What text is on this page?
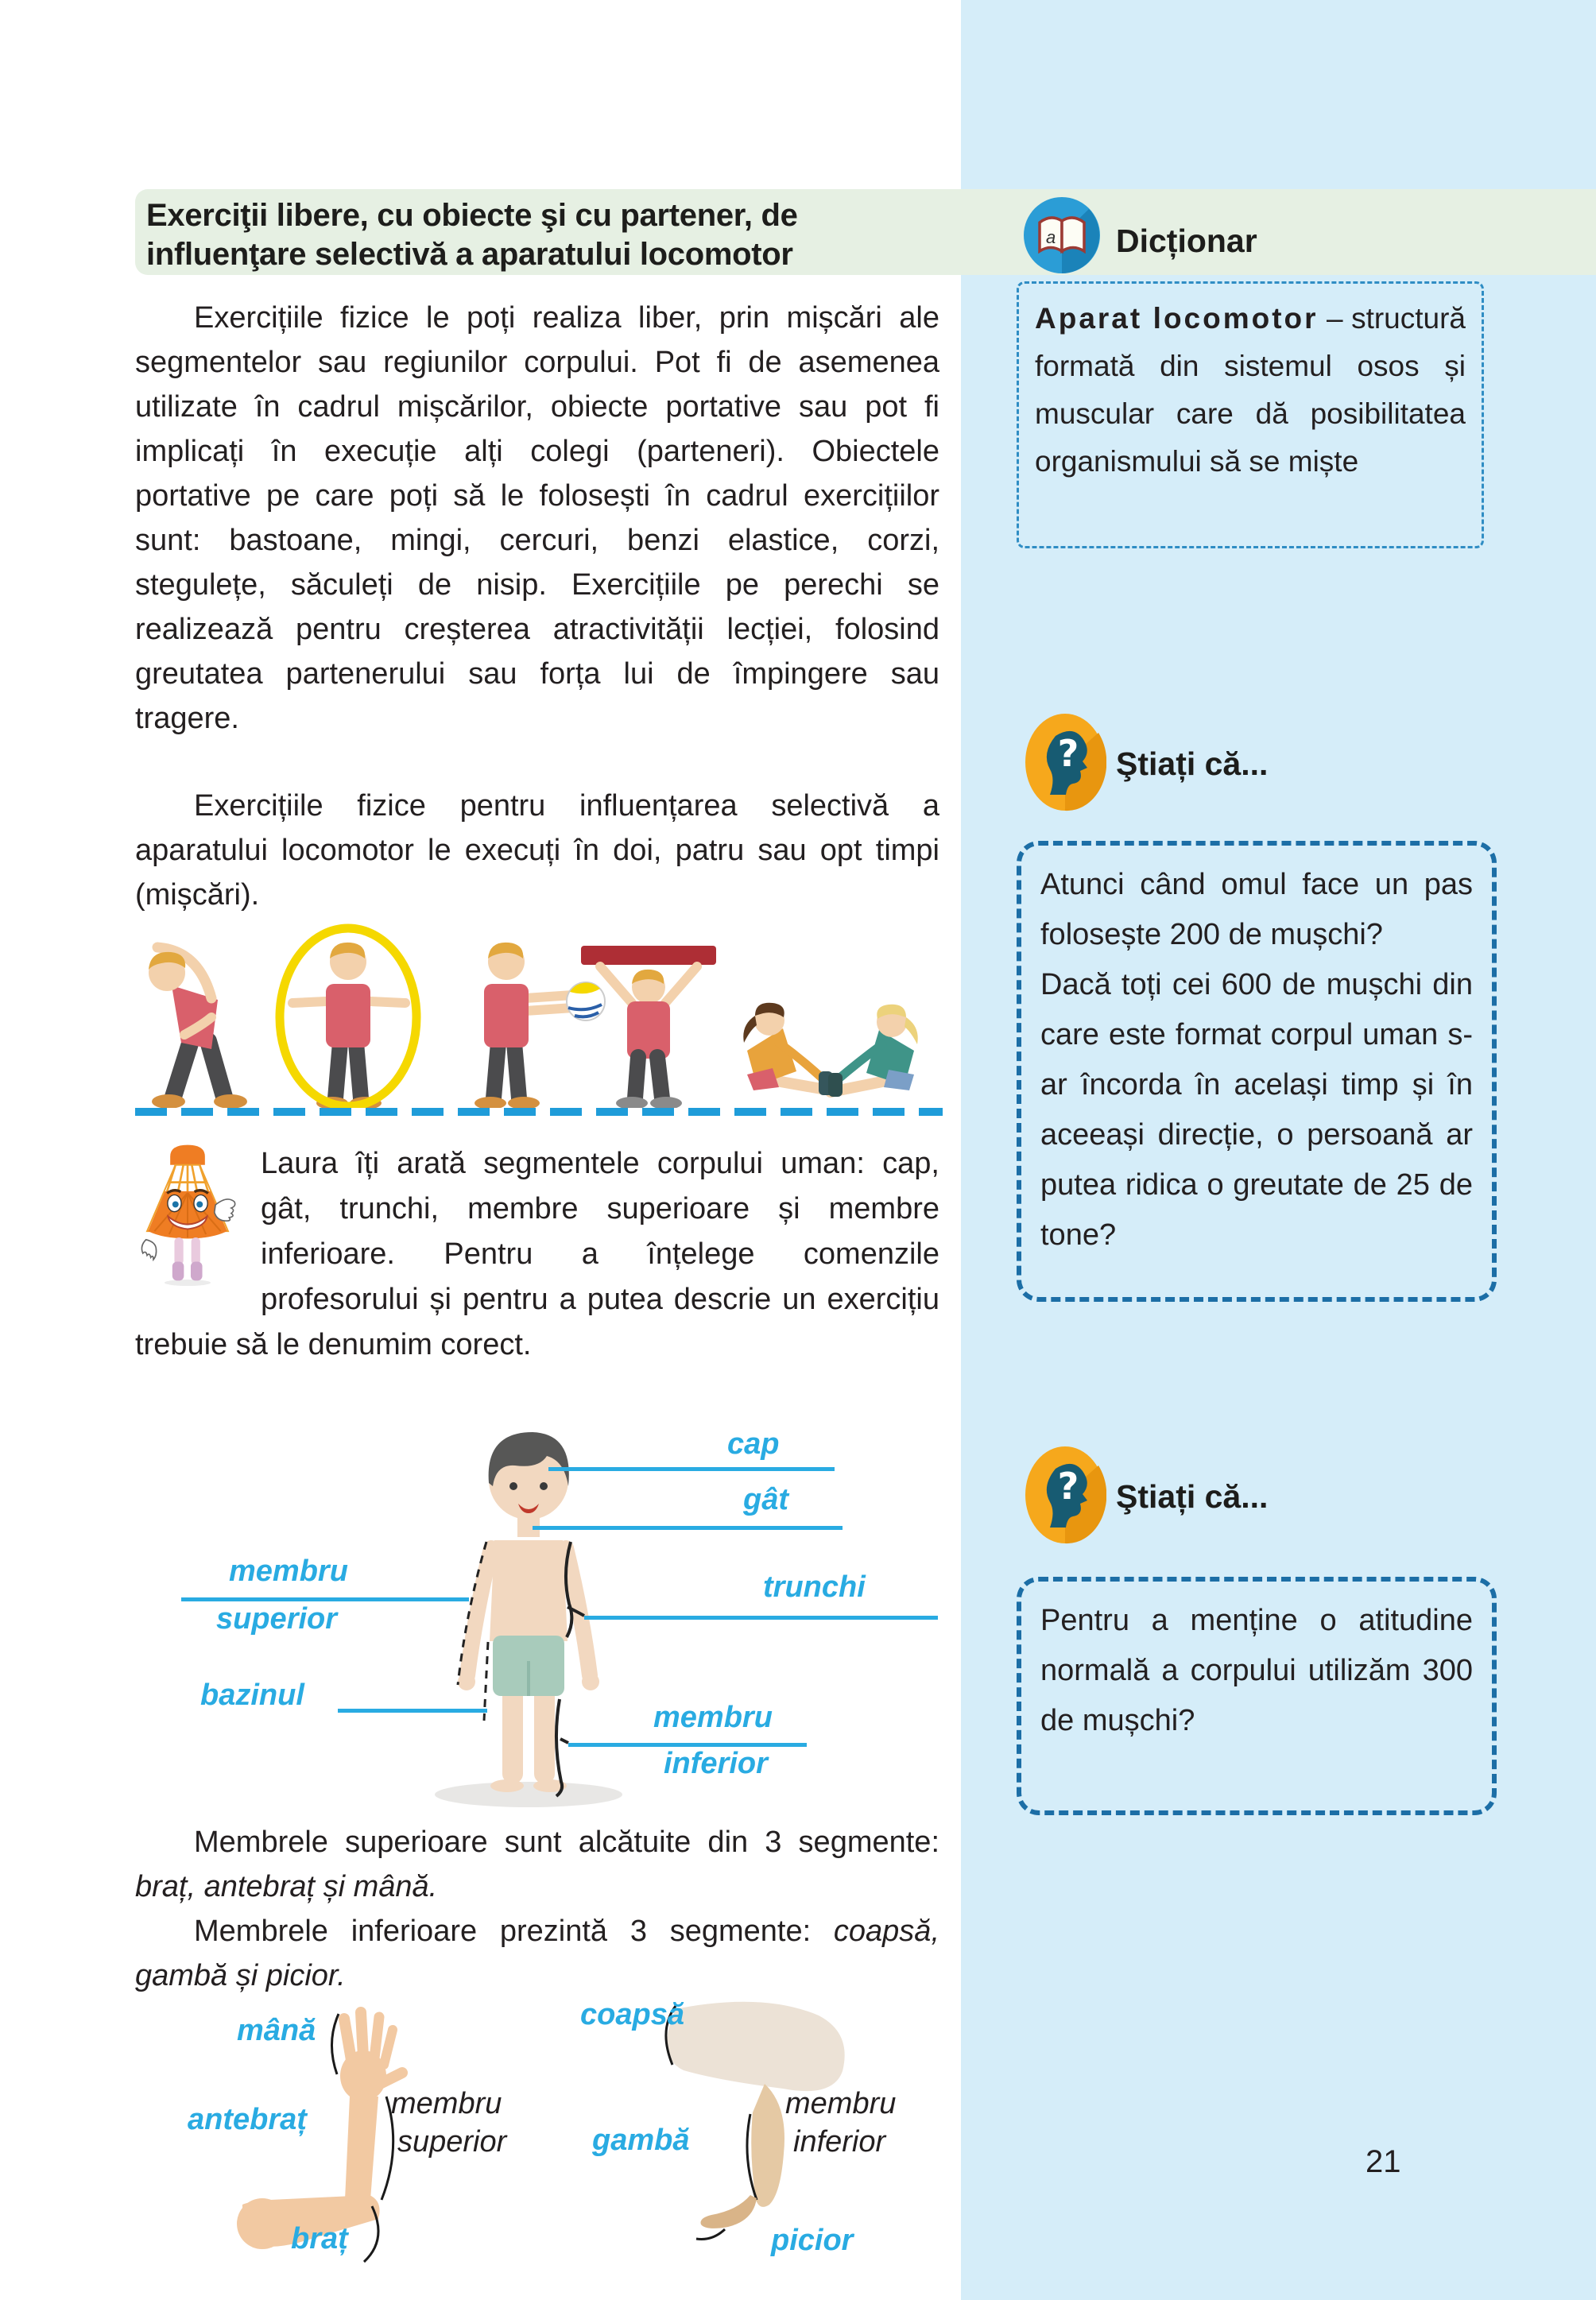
Exerciţii libere, cu obiecte şi cu partener, de
influenţare selectivă a aparatului locomotor

Exercițiile fizice le poți realiza liber, prin mișcări ale segmentelor sau regiunilor corpului. Pot fi de asemenea utilizate în cadrul mișcărilor, obiecte portative sau pot fi implicați în execuție alți colegi (parteneri). Obiectele portative pe care poți să le folosești în cadrul exercițiilor sunt: bastoane, mingi, cercuri, benzi elastice, corzi, stegulețe, săculeți de nisip. Exercițiile pe perechi se realizează pentru creșterea atractivității lecției, folosind greutatea partenerului sau forța lui de împingere sau tragere.

Exercițiile fizice pentru influențarea selectivă a aparatului locomotor le execuți în doi, patru sau opt timpi (mișcări).

Laura îți arată segmentele corpului uman: cap, gât, trunchi, membre superioare și membre inferioare. Pentru a înțelege comenzile profesorului și pentru a putea descrie un exercițiu trebuie să le denumim corect.
cap
gât
trunchi
membru
superior
bazinul
membru
inferior

Membrele superioare sunt alcătuite din 3 segmente: braț, antebraț și mână.

Membrele inferioare prezintă 3 segmente: coapsă, gambă și picior.

mână
antebraț
braț
membru
superior
coapsă
gambă
picior
membru
inferior
a Dicționar

Aparat locomotor – structură formată din sistemul osos și muscular care dă posibilitatea organismului să se miște

? Ştiați că...

Atunci când omul face un pas folosește 200 de mușchi?

Dacă toți cei 600 de mușchi din care este format corpul uman s-ar încorda în același timp și în aceeași direcție, o persoană ar putea ridica o greutate de 25 de tone?

? Ştiați că...

Pentru a menține o atitudine normală a corpului utilizăm 300 de mușchi?

21
